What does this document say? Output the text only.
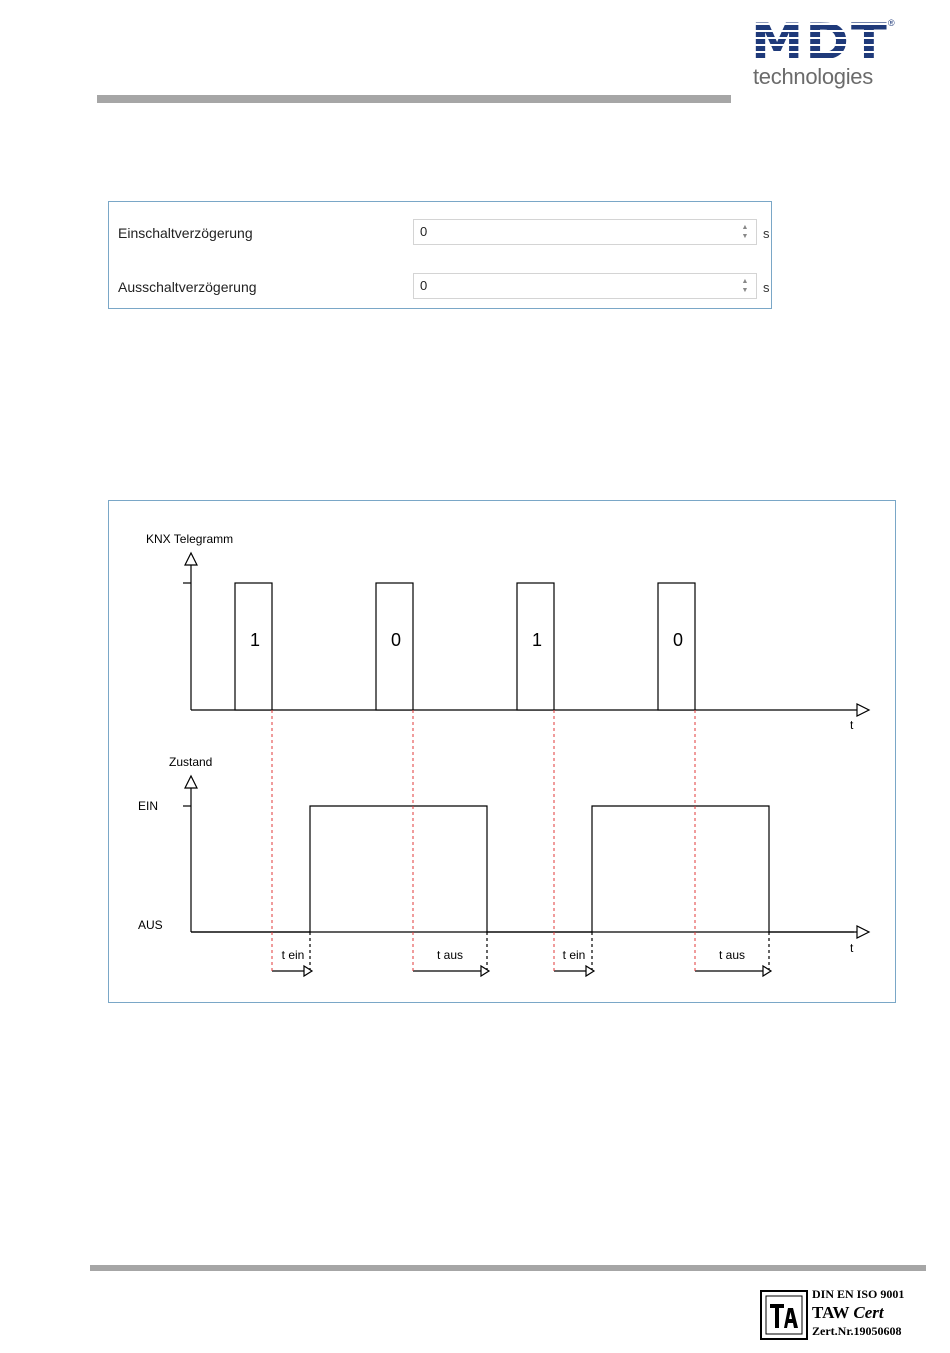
MDT ®
technologies
Einschaltverzögerung	0	▲
▼ s
Ausschaltverzögerung	0	▲
▼ s
KNX Telegramm
t
1	0	1	0
Zustand
EIN
AUS
t
t ein	t aus	t ein	t aus
DIN EN ISO 9001
TAW Cert
Zert.Nr.19050608
